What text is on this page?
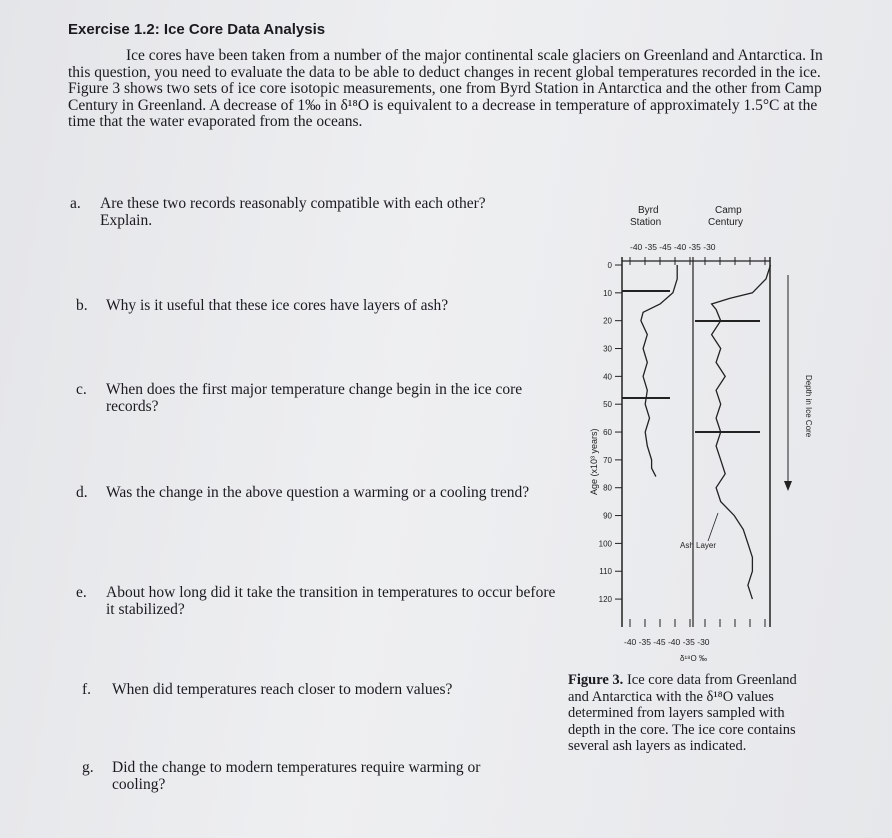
Exercise 1.2: Ice Core Data Analysis
Ice cores have been taken from a number of the major continental scale glaciers on Greenland and Antarctica. In this question, you need to evaluate the data to be able to deduct changes in recent global temperatures recorded in the ice. Figure 3 shows two sets of ice core isotopic measurements, one from Byrd Station in Antarctica and the other from Camp Century in Greenland. A decrease of 1‰ in δ¹⁸O is equivalent to a decrease in temperature of approximately 1.5°C at the time that the water evaporated from the oceans.
a. Are these two records reasonably compatible with each other? Explain.
b. Why is it useful that these ice cores have layers of ash?
c. When does the first major temperature change begin in the ice core records?
d. Was the change in the above question a warming or a cooling trend?
e. About how long did it take the transition in temperatures to occur before it stabilized?
f. When did temperatures reach closer to modern values?
g. Did the change to modern temperatures require warming or cooling?
Byrd
Station
Camp
Century
-40 -35 -45 -40 -35 -30
0
10
20
30
40
50
60
70
80
90
100
110
120
Age (x10³ years)
Ash Layer
Depth in Ice Core
-40 -35 -45 -40 -35 -30
δ¹⁸O ‰
Figure 3. Ice core data from Greenland and Antarctica with the δ¹⁸O values determined from layers sampled with depth in the core. The ice core contains several ash layers as indicated.
